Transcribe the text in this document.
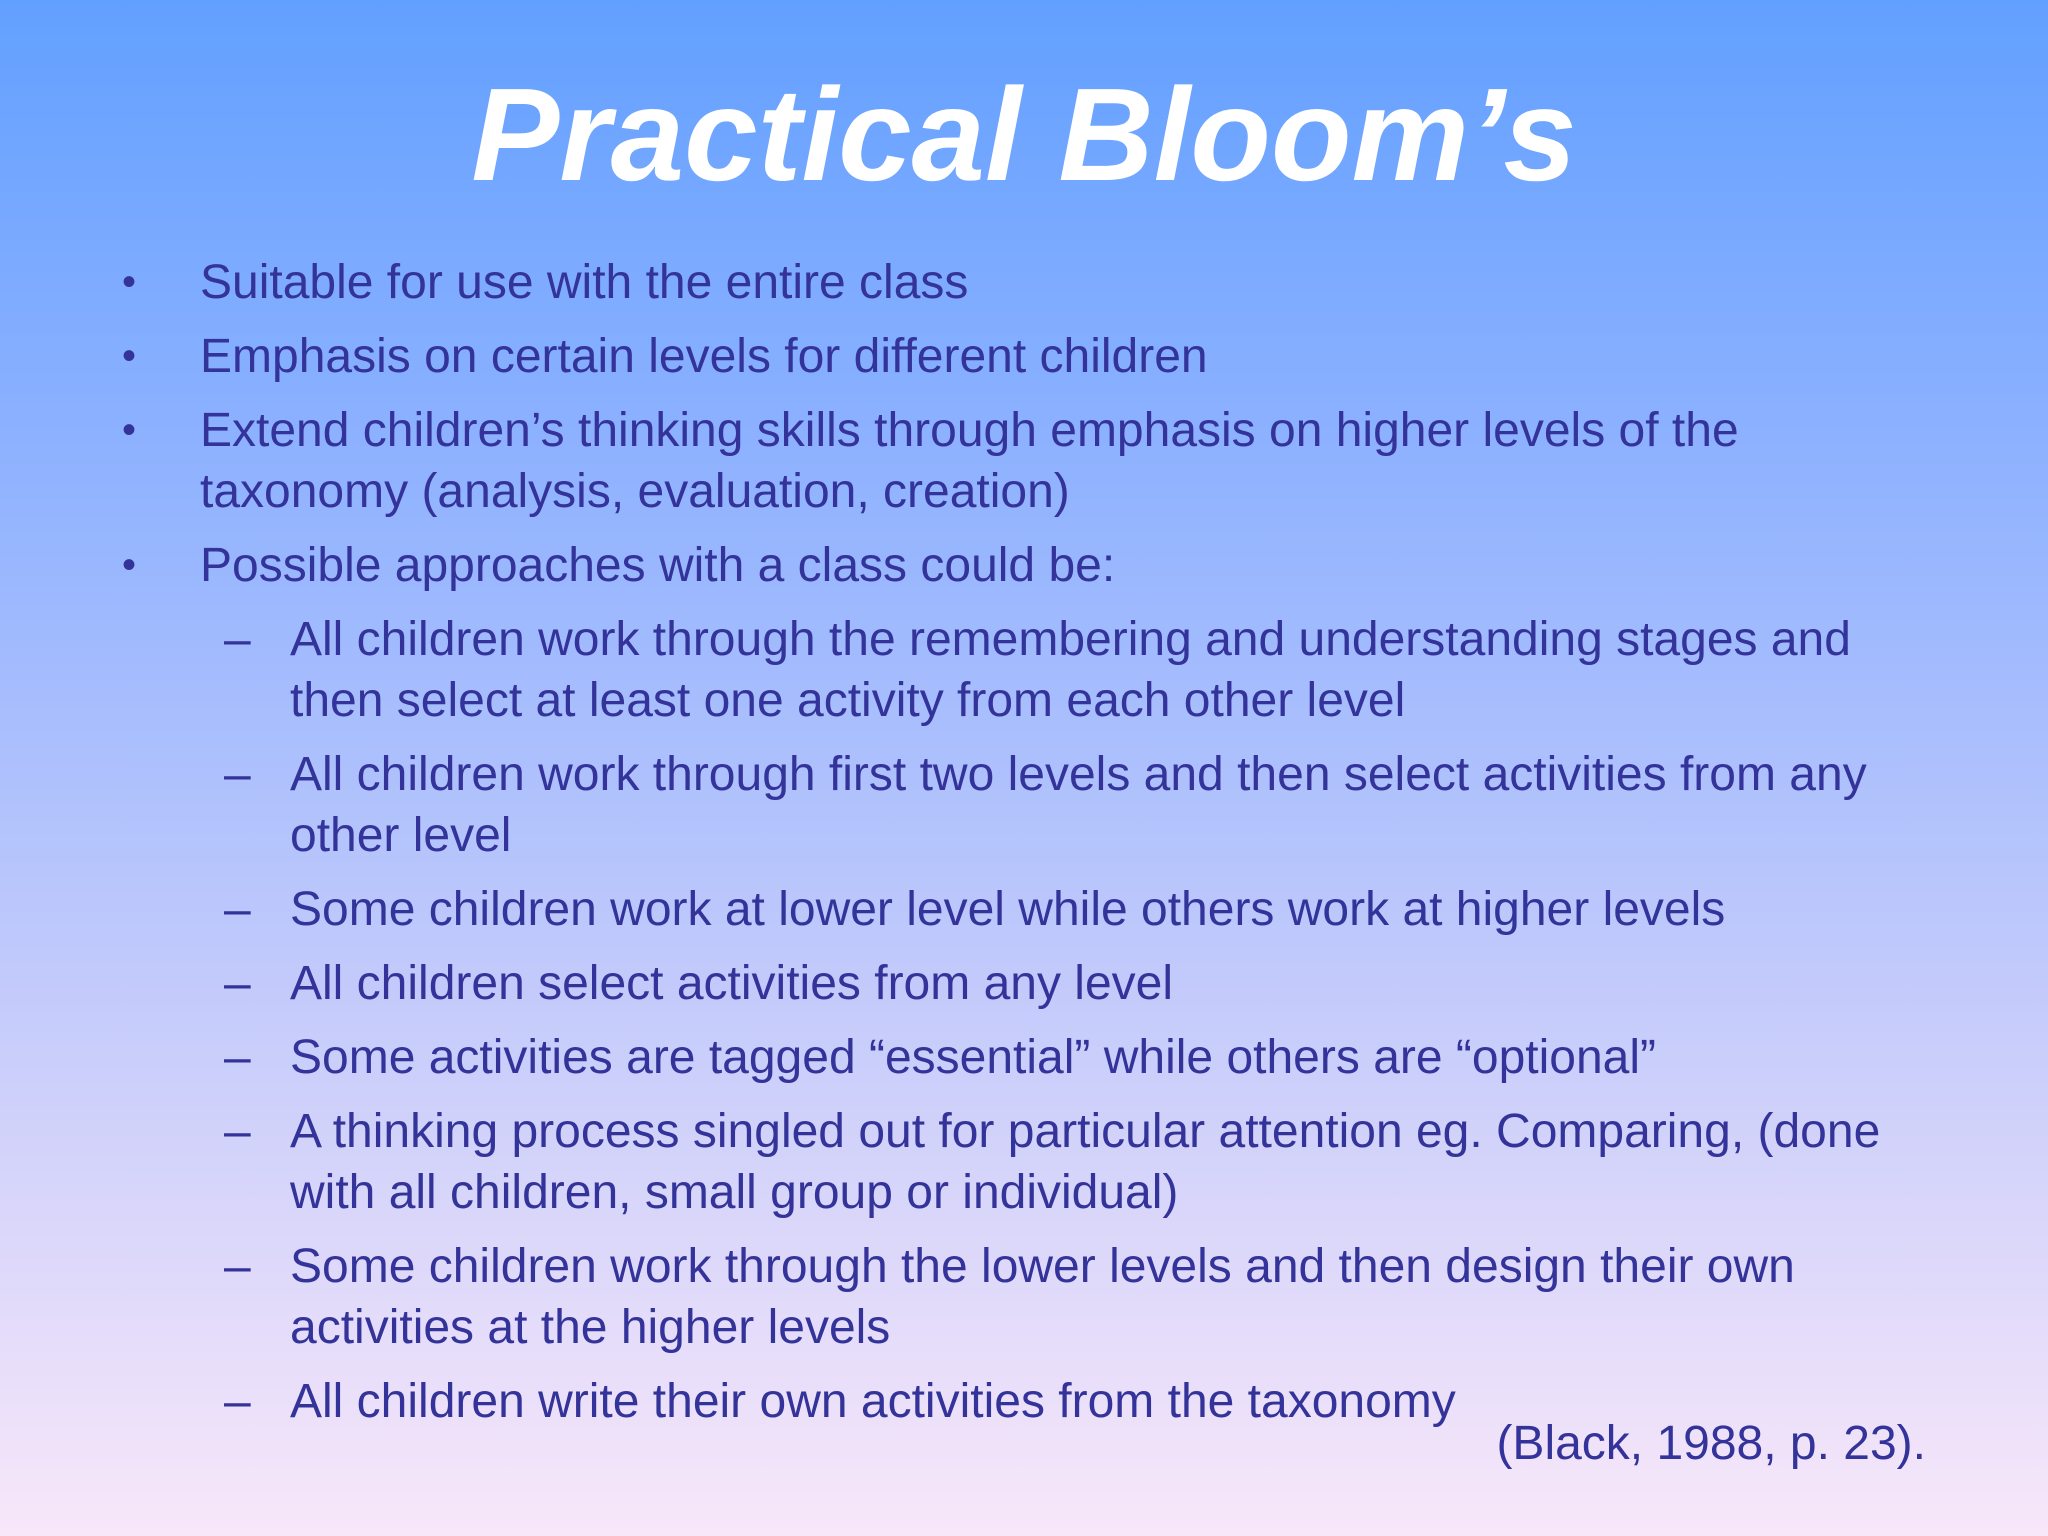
Practical Bloom’s
• Suitable for use with the entire class
• Emphasis on certain levels for different children
• Extend children’s thinking skills through emphasis on higher levels of the taxonomy (analysis, evaluation, creation)
• Possible approaches with a class could be:
– All children work through the remembering and understanding stages and then select at least one activity from each other level
– All children work through first two levels and then select activities from any other level
– Some children work at lower level while others work at higher levels
– All children select activities from any level
– Some activities are tagged “essential” while others are “optional”
– A thinking process singled out for particular attention eg. Comparing, (done with all children, small group or individual)
– Some children work through the lower levels and then design their own activities at the higher levels
– All children write their own activities from the taxonomy
(Black, 1988, p. 23).
